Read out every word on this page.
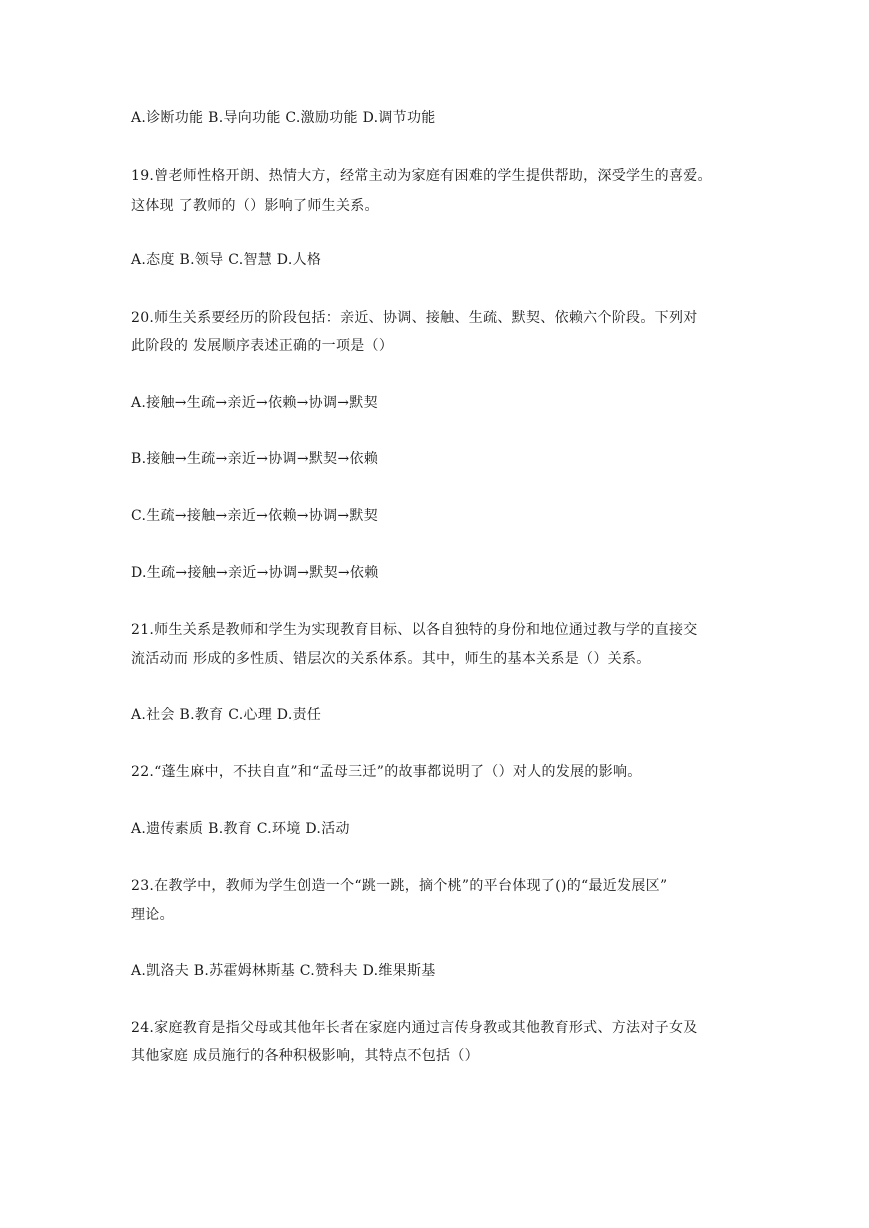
A.诊断功能 B.导向功能 C.激励功能 D.调节功能
19.曾老师性格开朗、热情大方，经常主动为家庭有困难的学生提供帮助，深受学生的喜爱。
这体现 了教师的（）影响了师生关系。
A.态度 B.领导 C.智慧 D.人格
20.师生关系要经历的阶段包括：亲近、协调、接触、生疏、默契、依赖六个阶段。下列对
此阶段的 发展顺序表述正确的一项是（）
A.接触→生疏→亲近→依赖→协调→默契
B.接触→生疏→亲近→协调→默契→依赖
C.生疏→接触→亲近→依赖→协调→默契
D.生疏→接触→亲近→协调→默契→依赖
21.师生关系是教师和学生为实现教育目标、以各自独特的身份和地位通过教与学的直接交
流活动而 形成的多性质、错层次的关系体系。其中，师生的基本关系是（）关系。
A.社会 B.教育 C.心理 D.责任
22.“蓬生麻中，不扶自直”和“孟母三迁”的故事都说明了（）对人的发展的影响。
A.遗传素质 B.教育 C.环境 D.活动
23.在教学中，教师为学生创造一个“跳一跳，摘个桃”的平台体现了()的“最近发展区”
理论。
A.凯洛夫 B.苏霍姆林斯基 C.赞科夫 D.维果斯基
24.家庭教育是指父母或其他年长者在家庭内通过言传身教或其他教育形式、方法对子女及
其他家庭 成员施行的各种积极影响，其特点不包括（）
